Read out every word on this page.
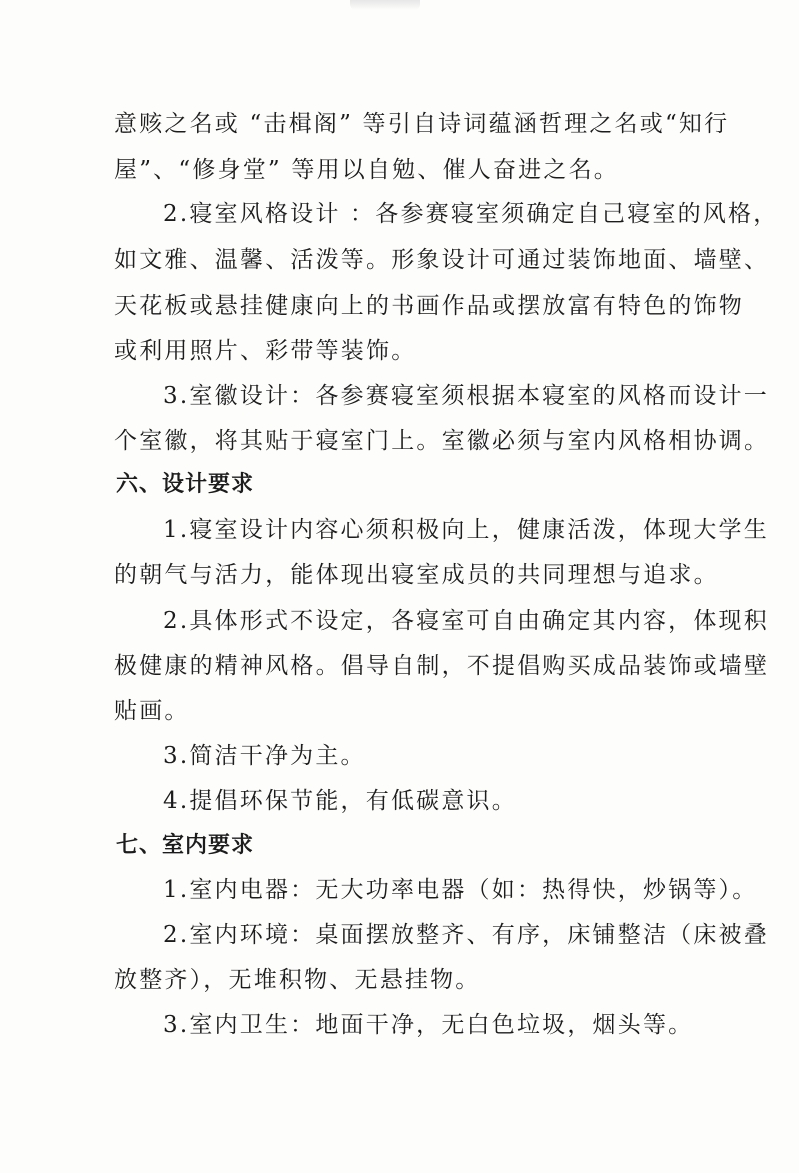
意赅之名或 “击楫阁” 等引自诗词蕴涵哲理之名或“知行
屋”、“修身堂” 等用以自勉、催人奋进之名。
2.寝室风格设计 ：各参赛寝室须确定自己寝室的风格，
如文雅、温馨、活泼等。形象设计可通过装饰地面、墙壁、
天花板或悬挂健康向上的书画作品或摆放富有特色的饰物
或利用照片、彩带等装饰。
3.室徽设计：各参赛寝室须根据本寝室的风格而设计一
个室徽，将其贴于寝室门上。室徽必须与室内风格相协调。
六、设计要求
1.寝室设计内容心须积极向上，健康活泼，体现大学生
的朝气与活力，能体现出寝室成员的共同理想与追求。
2.具体形式不设定，各寝室可自由确定其内容，体现积
极健康的精神风格。倡导自制，不提倡购买成品装饰或墙壁
贴画。
3.简洁干净为主。
4.提倡环保节能，有低碳意识。
七、室内要求
1.室内电器：无大功率电器（如：热得快，炒锅等）。
2.室内环境：桌面摆放整齐、有序，床铺整洁（床被叠
放整齐），无堆积物、无悬挂物。
3.室内卫生：地面干净，无白色垃圾，烟头等。
